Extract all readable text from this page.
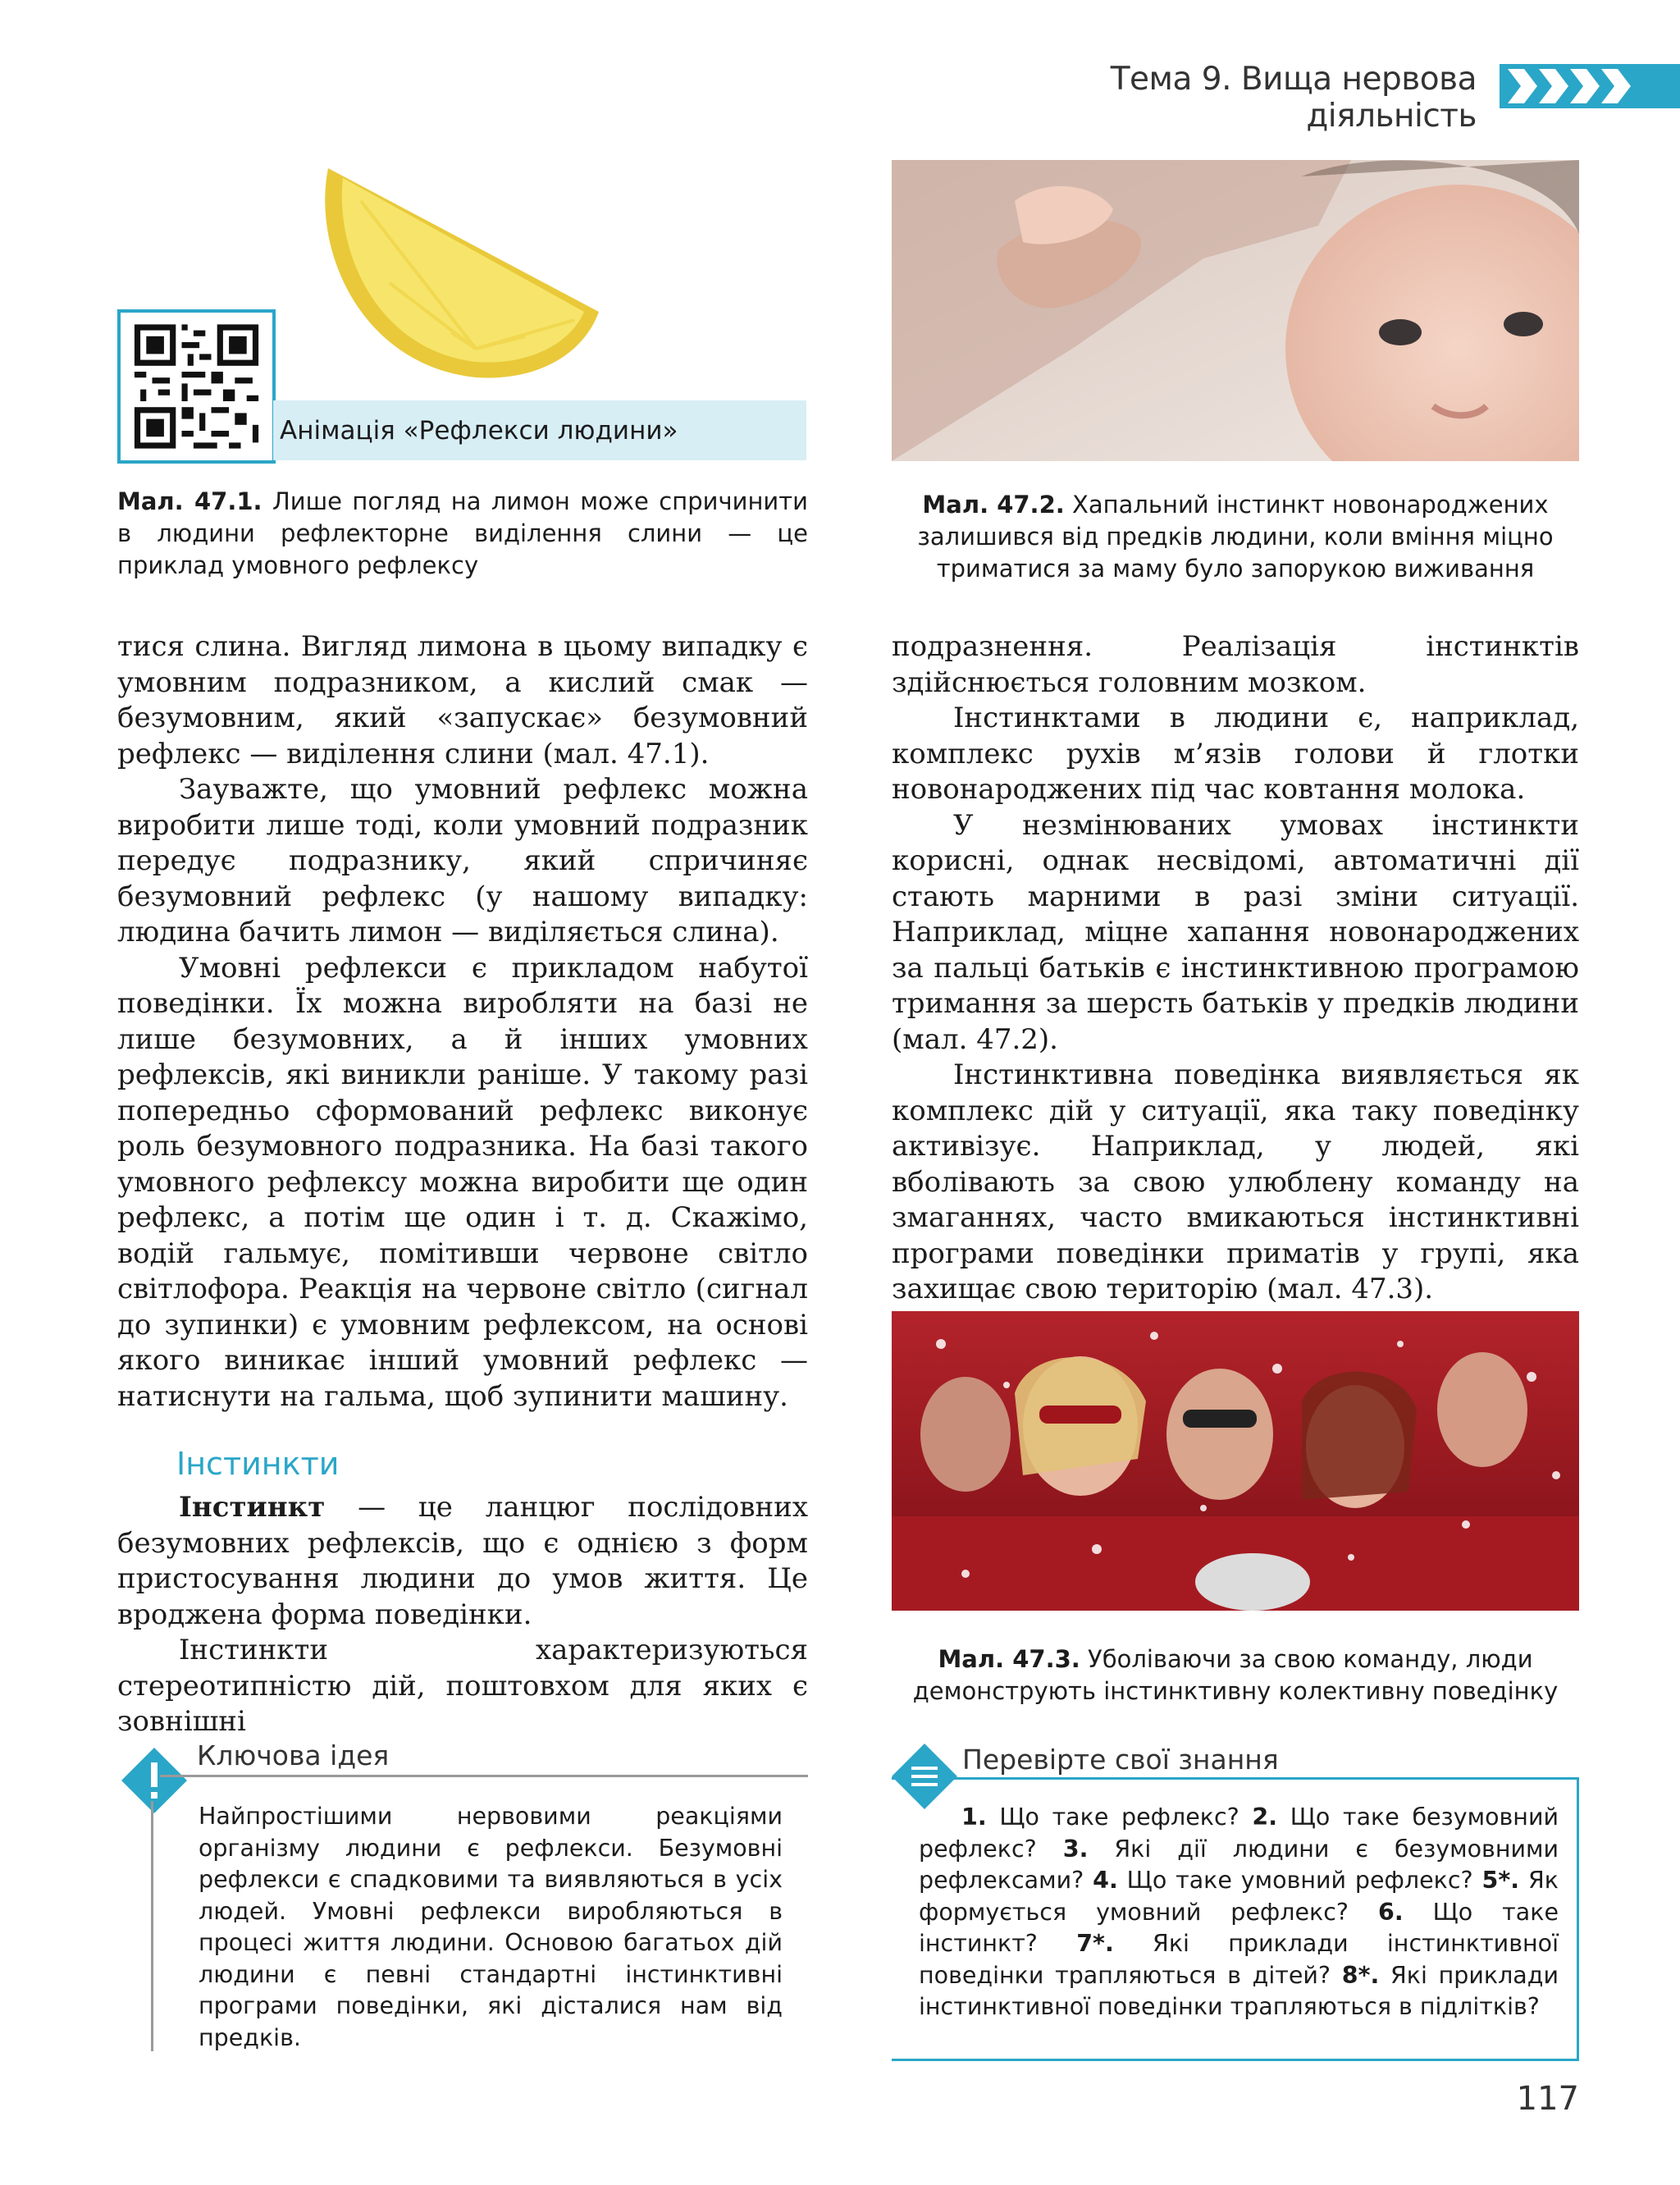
Тема 9. Вища нервова діяльність
Анімація «Рефлекси людини»
Мал. 47.1. Лише погляд на лимон може спричинити в людини рефлекторне виділення слини — це приклад умовного рефлексу
Мал. 47.2. Хапальний інстинкт новонароджених залишився від предків людини, коли вміння міцно триматися за маму було запорукою виживання

тися слина. Вигляд лимона в цьому випадку є умовним подразником, а кислий смак — безумовним, який «запускає» безумовний рефлекс — виділення слини (мал. 47.1).

Зауважте, що умовний рефлекс можна виробити лише тоді, коли умовний подразник передує подразнику, який спричиняє безумовний рефлекс (у нашому випадку: людина бачить лимон — виділяється слина).

Умовні рефлекси є прикладом набутої поведінки. Їх можна виробляти на базі не лише безумовних, а й інших умовних рефлексів, які виникли раніше. У такому разі попередньо сформований рефлекс виконує роль безумовного подразника. На базі такого умовного рефлексу можна виробити ще один рефлекс, а потім ще один і т. д. Скажімо, водій гальмує, помітивши червоне світло світлофора. Реакція на червоне світло (сигнал до зупинки) є умовним рефлексом, на основі якого виникає інший умовний рефлекс — натиснути на гальма, щоб зупинити машину.

подразнення. Реалізація інстинктів здійснюється головним мозком.

Інстинктами в людини є, наприклад, комплекс рухів м’язів голови й глотки новонароджених під час ковтання молока.

У незмінюваних умовах інстинкти корисні, однак несвідомі, автоматичні дії стають марними в разі зміни ситуації. Наприклад, міцне хапання новонароджених за пальці батьків є інстинктивною програмою тримання за шерсть батьків у предків людини (мал. 47.2).

Інстинктивна поведінка виявляється як комплекс дій у ситуації, яка таку поведінку активізує. Наприклад, у людей, які вболівають за свою улюблену команду на змаганнях, часто вмикаються інстинктивні програми поведінки приматів у групі, яка захищає свою територію (мал. 47.3).

Інстинкти

Інстинкт — це ланцюг послідовних безумовних рефлексів, що є однією з форм пристосування людини до умов життя. Це вроджена форма поведінки.

Інстинкти характеризуються стереотипністю дій, поштовхом для яких є зовнішні

Мал. 47.3. Уболіваючи за свою команду, люди демонструють інстинктивну колективну поведінку
Ключова ідея
Найпростішими нервовими реакціями організму людини є рефлекси. Безумовні рефлекси є спадковими та виявляються в усіх людей. Умовні рефлекси виробляються в процесі життя людини. Основою багатьох дій людини є певні стандартні інстинктивні програми поведінки, які дісталися нам від предків.
Перевірте свої знання
1. Що таке рефлекс? 2. Що таке безумовний рефлекс? 3. Які дії людини є безумовними рефлексами? 4. Що таке умовний рефлекс? 5*. Як формується умовний рефлекс? 6. Що таке інстинкт? 7*. Які приклади інстинктивної поведінки трапляються в дітей? 8*. Які приклади інстинктивної поведінки трапляються в підлітків?
117
